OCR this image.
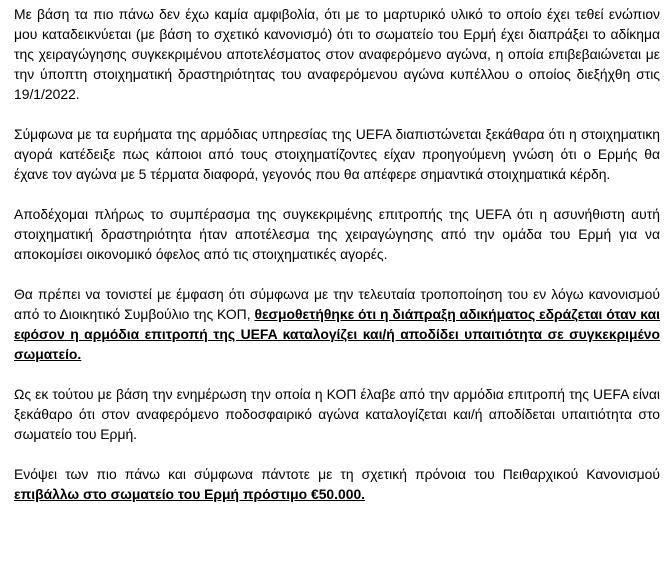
Με βάση τα πιο πάνω δεν έχω καμία αμφιβολία, ότι με το μαρτυρικό υλικό το οποίο έχει τεθεί ενώπιον μου καταδεικνύεται (με βάση το σχετικό κανονισμό) ότι το σωματείο του Ερμή έχει διαπράξει το αδίκημα της χειραγώγησης συγκεκριμένου αποτελέσματος στον αναφερόμενο αγώνα, η οποία επιβεβαιώνεται με την ύποπτη στοιχηματική δραστηριότητας του αναφερόμενου αγώνα κυπέλλου ο οποίος διεξήχθη στις 19/1/2022.

Σύμφωνα με τα ευρήματα της αρμόδιας υπηρεσίας της UEFA διαπιστώνεται ξεκάθαρα ότι η στοιχηματικη αγορά κατέδειξε πως κάποιοι από τους στοιχηματίζοντες είχαν προηγούμενη γνώση ότι ο Ερμής θα έχανε τον αγώνα με 5 τέρματα διαφορά, γεγονός που θα απέφερε σημαντικά στοιχηματικά κέρδη.

Αποδέχομαι πλήρως το συμπέρασμα της συγκεκριμένης επιτροπής της UEFA ότι η ασυνήθιστη αυτή στοιχηματική δραστηριότητα ήταν αποτέλεσμα της χειραγώγησης από την ομάδα του Ερμή για να αποκομίσει οικονομικό όφελος από τις στοιχηματικές αγορές.

Θα πρέπει να τονιστεί με έμφαση ότι σύμφωνα με την τελευταία τροποποίηση του εν λόγω κανονισμού από το Διοικητικό Συμβούλιο της ΚΟΠ, θεσμοθετήθηκε ότι η διάπραξη αδικήματος εδράζεται όταν και εφόσον η αρμόδια επιτροπή της UEFA καταλογίζει και/ή αποδίδει υπαιτιότητα σε συγκεκριμένο σωματείο.

Ως εκ τούτου με βάση την ενημέρωση την οποία η ΚΟΠ έλαβε από την αρμόδια επιτροπή της UEFA είναι ξεκάθαρο ότι στον αναφερόμενο ποδοσφαιρικό αγώνα καταλογίζεται και/ή αποδίδεται υπαιτιότητα στο σωματείο του Ερμή.

Ενόψει των πιο πάνω και σύμφωνα πάντοτε με τη σχετική πρόνοια του Πειθαρχικού Κανονισμού επιβάλλω στο σωματείο του Ερμή πρόστιμο €50.000.
